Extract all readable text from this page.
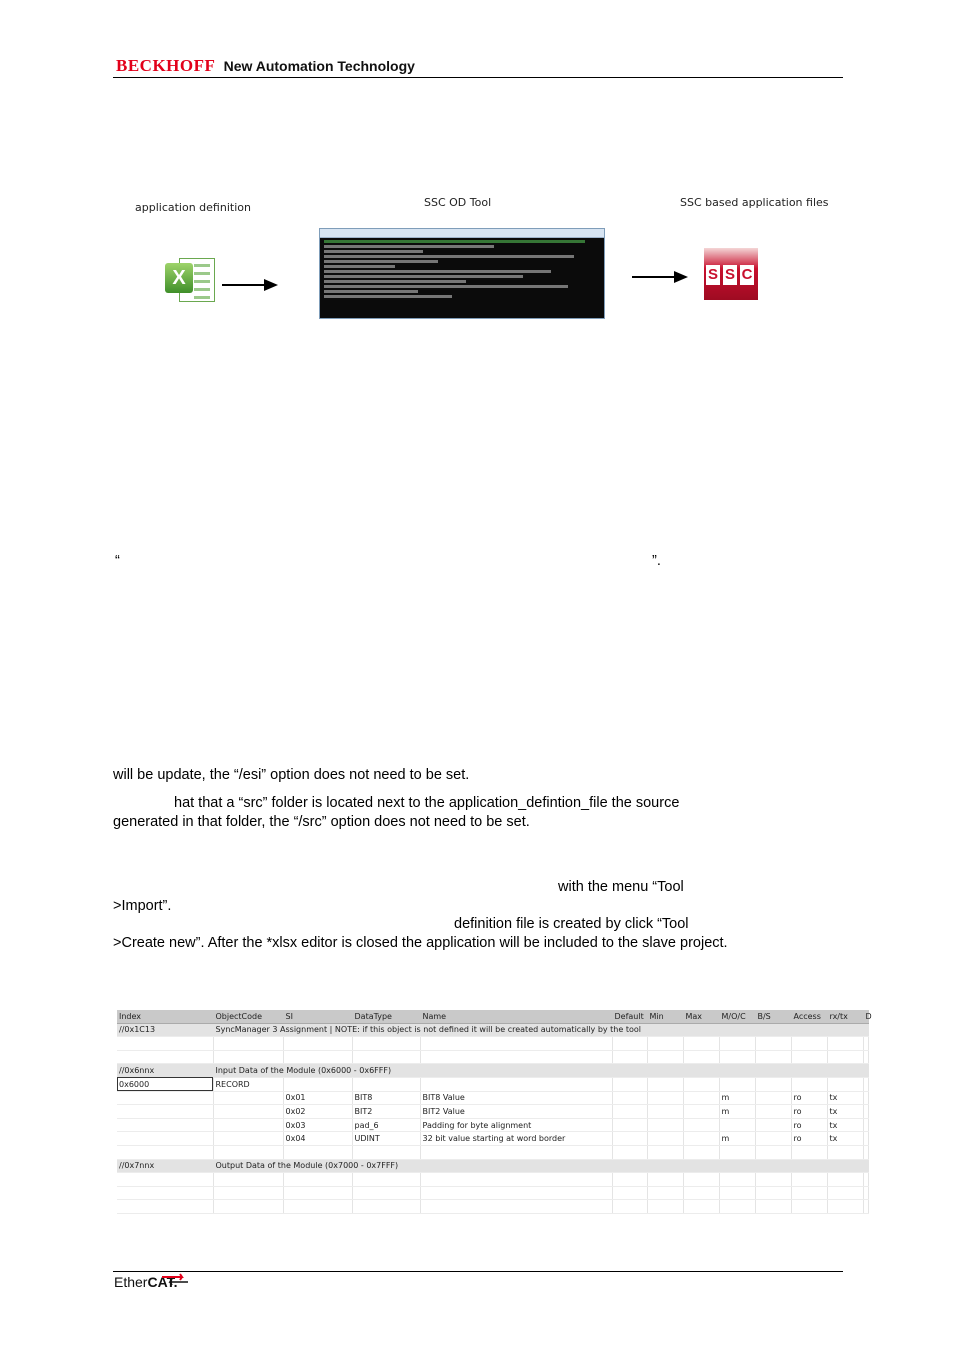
BECKHOFF New Automation Technology
application definition	SSC OD Tool	SSC based application files
X	S S C
“	”.
will be update, the “/esi” option does not need to be set.
hat that a “src” folder is located next to the application_defintion_file the source
generated in that folder, the “/src” option does not need to be set.
with the menu “Tool
>Import”.
definition file is created by click “Tool
>Create new”. After the *xlsx editor is closed the application will be included to the slave project.
Index	ObjectCode	SI	DataType	Name	Default	Min	Max	M/O/C	B/S	Access	rx/tx	D
//0x1C13	SyncManager 3 Assignment | NOTE: if this object is not defined it will be created automatically by the tool											

//0x6nnx	Input Data of the Module (0x6000 - 0x6FFF)											
0x6000	RECORD											
		0x01	BIT8	BIT8 Value				m		ro	tx	
		0x02	BIT2	BIT2 Value				m		ro	tx	
		0x03	pad_6	Padding for byte alignment						ro	tx	
		0x04	UDINT	32 bit value starting at word border				m		ro	tx	

//0x7nnx	Output Data of the Module (0x7000 - 0x7FFF)											

EtherCAT.
